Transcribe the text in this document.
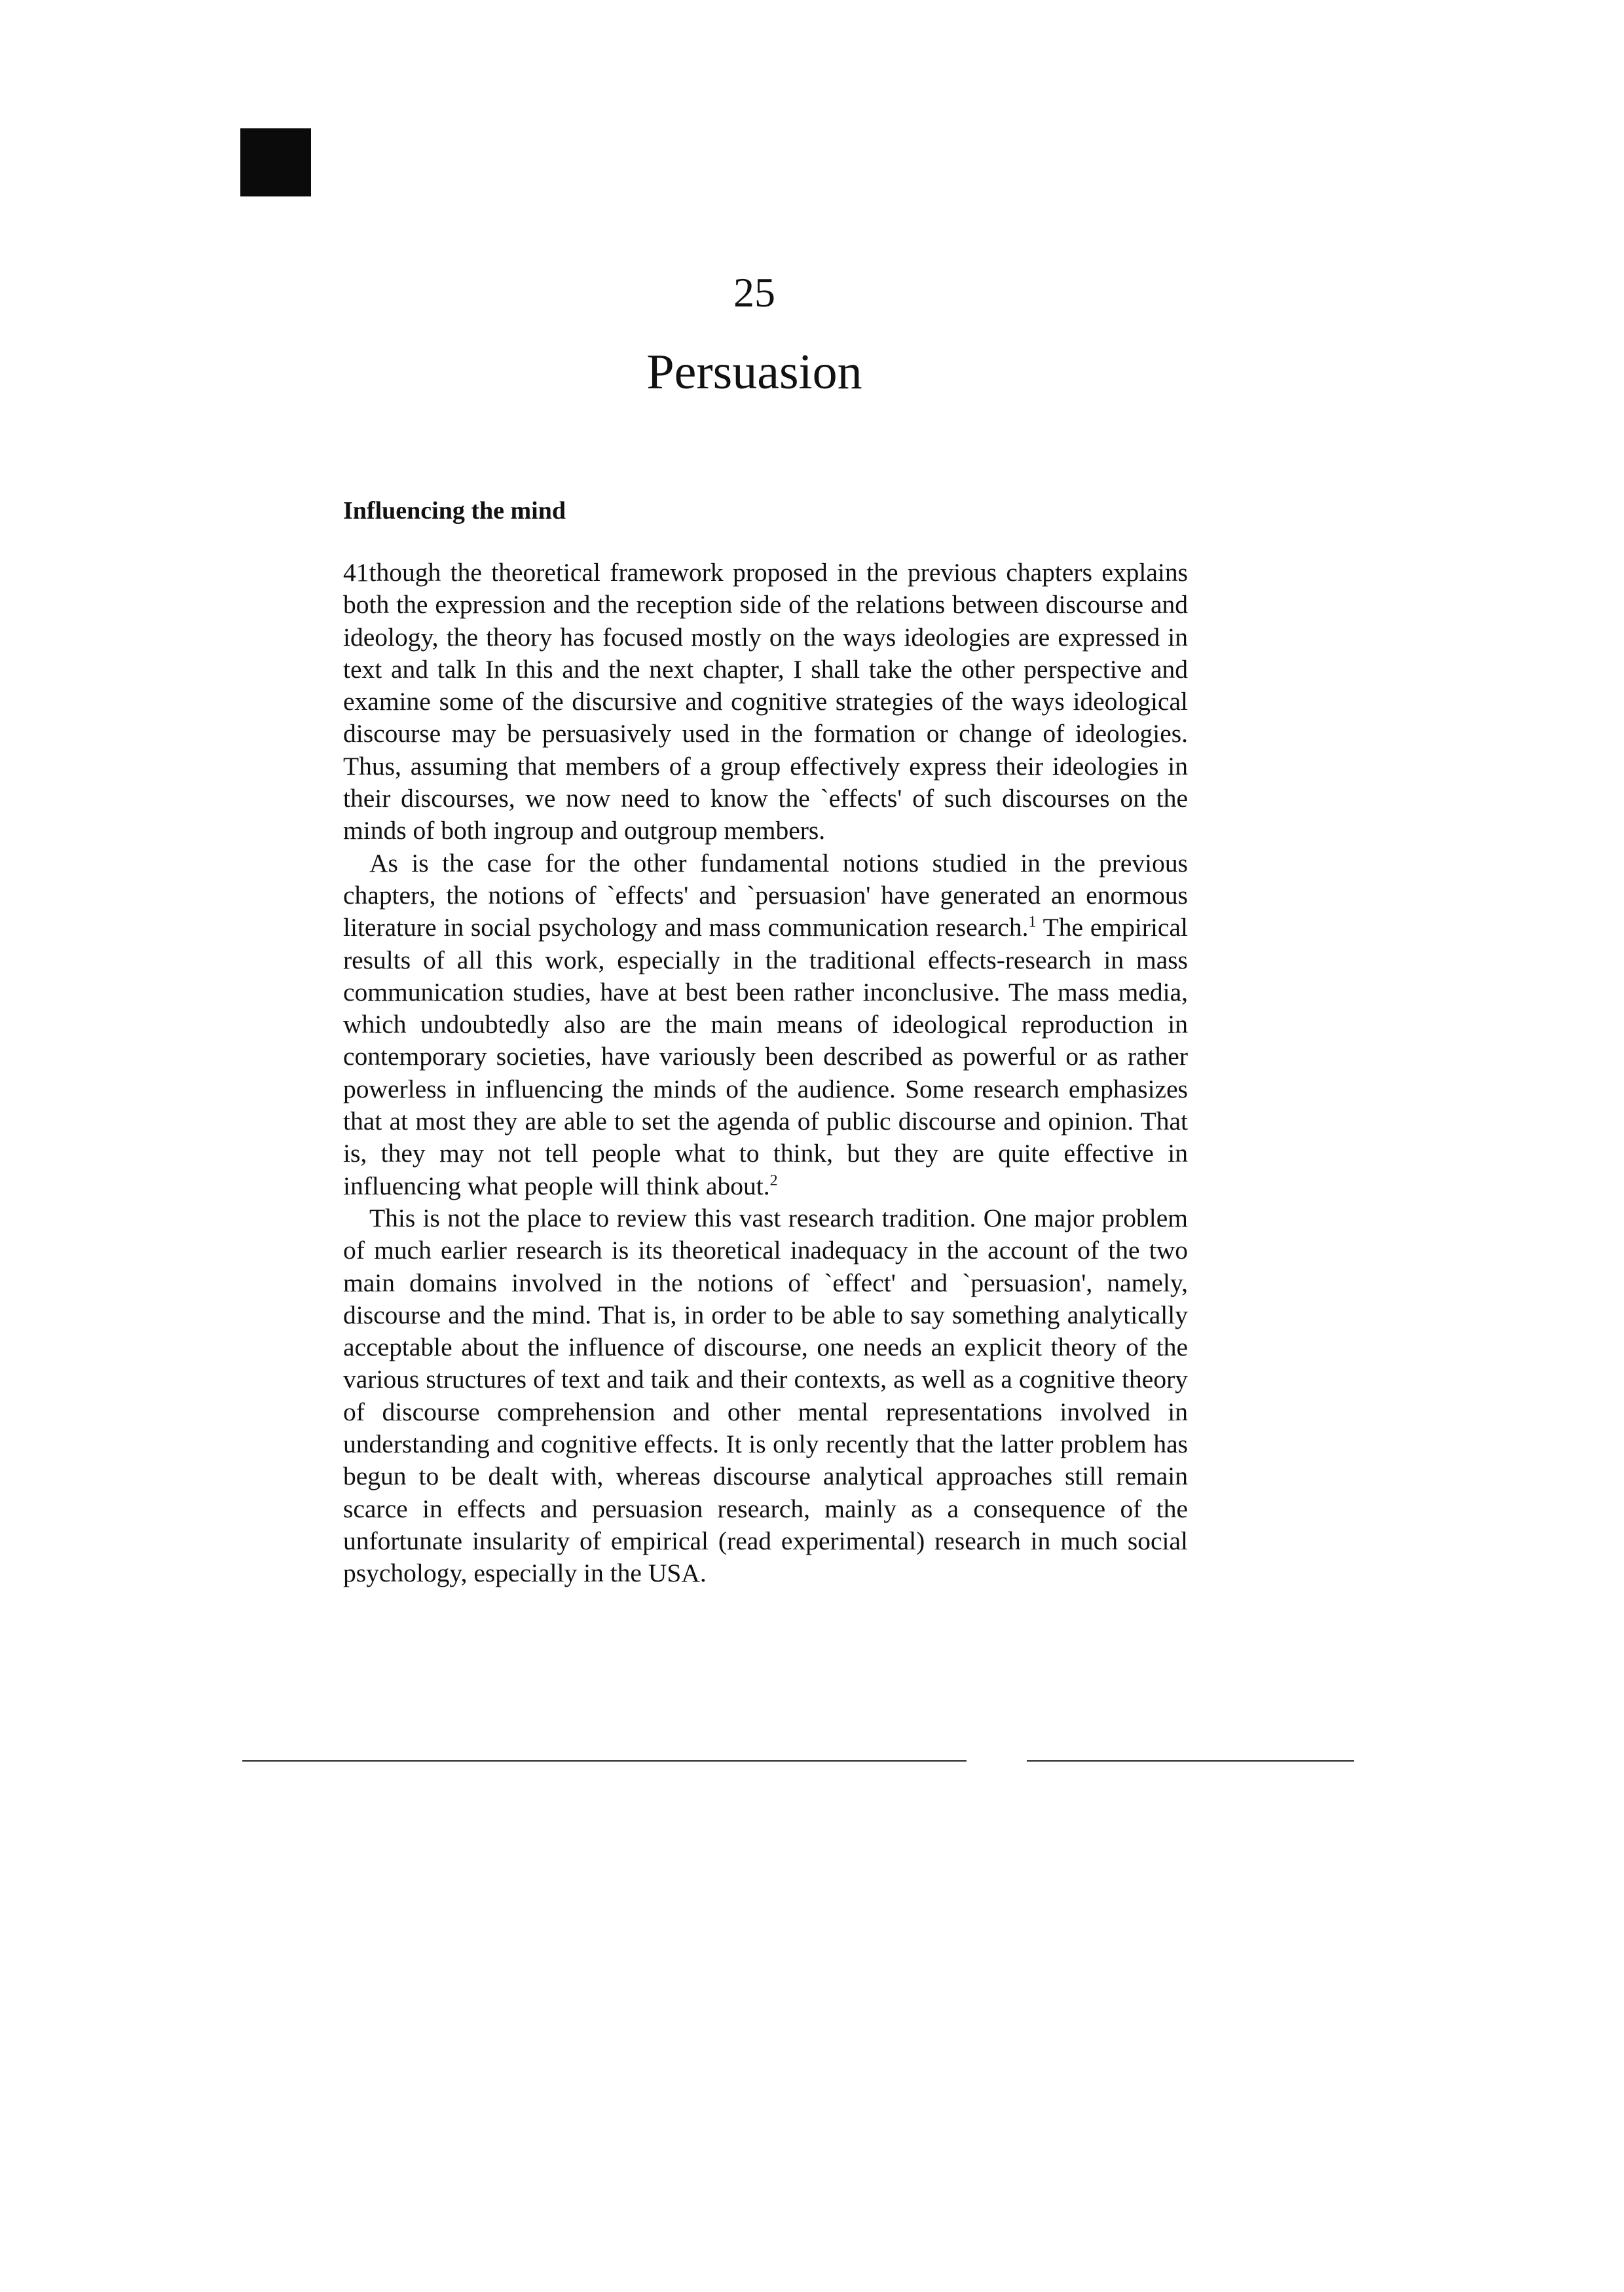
25
Persuasion
Influencing the mind

41though the theoretical framework proposed in the previous chapters explains both the expression and the reception side of the relations between discourse and ideology, the theory has focused mostly on the ways ideologies are expressed in text and talk In this and the next chapter, I shall take the other perspective and examine some of the discursive and cognitive strategies of the ways ideological discourse may be persuasively used in the formation or change of ideologies. Thus, assuming that members of a group effectively express their ideologies in their discourses, we now need to know the `effects' of such discourses on the minds of both ingroup and outgroup members.

As is the case for the other fundamental notions studied in the previous chapters, the notions of `effects' and `persuasion' have generated an enormous literature in social psychology and mass communication research.$^1$ The empirical results of all this work, especially in the traditional effects-research in mass communication studies, have at best been rather inconclusive. The mass media, which undoubtedly also are the main means of ideological reproduction in contemporary societies, have variously been described as powerful or as rather powerless in influencing the minds of the audience. Some research emphasizes that at most they are able to set the agenda of public discourse and opinion. That is, they may not tell people what to think, but they are quite effective in influencing what people will think about.$^2$

This is not the place to review this vast research tradition. One major problem of much earlier research is its theoretical inadequacy in the account of the two main domains involved in the notions of `effect' and `persuasion', namely, discourse and the mind. That is, in order to be able to say something analytically acceptable about the influence of discourse, one needs an explicit theory of the various structures of text and taik and their contexts, as well as a cognitive theory of discourse comprehension and other mental representations involved in understanding and cognitive effects. It is only recently that the latter problem has begun to be dealt with, whereas discourse analytical approaches still remain scarce in effects and persuasion research, mainly as a consequence of the unfortunate insularity of empirical (read experimental) research in much social psychology, especially in the USA.
